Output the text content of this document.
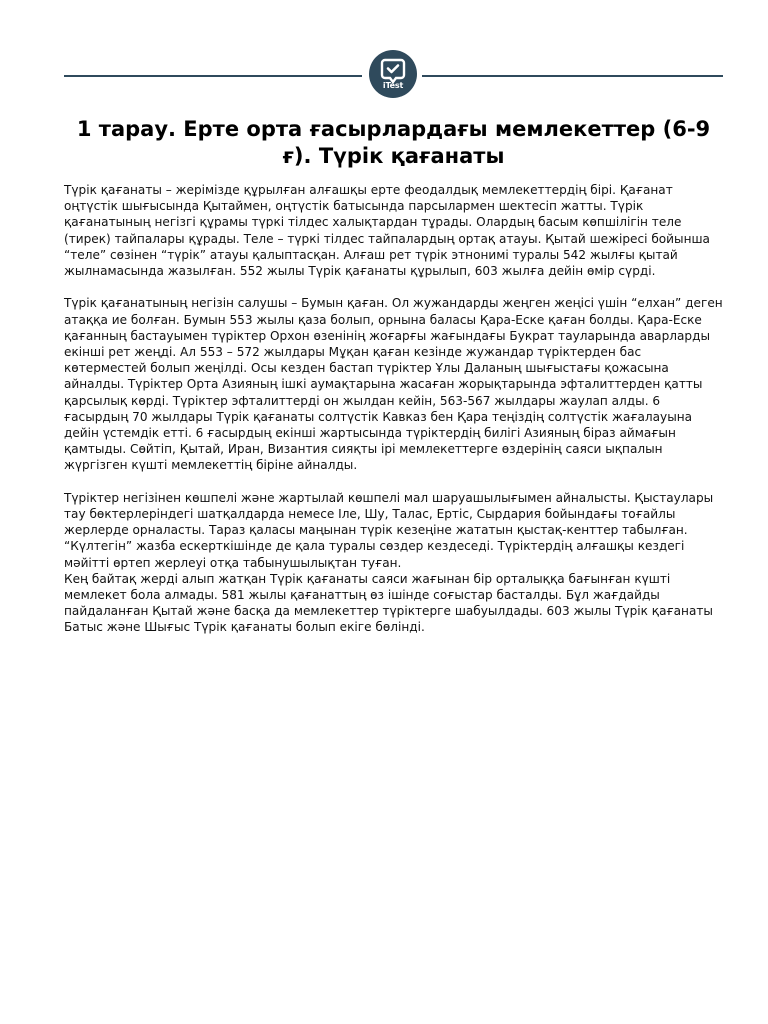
iTest
1 тарау. Ерте орта ғасырлардағы мемлекеттер (6-9 ғ). Түрік қағанаты

Түрік қағанаты – жерімізде құрылған алғашқы ерте феодалдық мемлекеттердің бірі. Қағанат оңтүстік шығысында Қытаймен, оңтүстік батысында парсылармен шектесіп жатты. Түрік қағанатының негізгі құрамы түркі тілдес халықтардан тұрады. Олардың басым көпшілігін теле (тирек) тайпалары құрады. Теле – түркі тілдес тайпалардың ортақ атауы. Қытай шежіресі бойынша “теле” сөзінен “түрік” атауы қалыптасқан. Алғаш рет түрік этнонимі туралы 542 жылғы қытай жылнамасында жазылған. 552 жылы Түрік қағанаты құрылып, 603 жылға дейін өмір сүрді.

Түрік қағанатының негізін салушы – Бумын қаған. Ол жужандарды жеңген жеңісі үшін “елхан” деген атаққа ие болған. Бумын 553 жылы қаза болып, орнына баласы Қара-Еске қаған болды. Қара-Еске қағанның бастауымен түріктер Орхон өзенінің жоғарғы жағындағы Букрат тауларында аварларды екінші рет жеңді. Ал 553 – 572 жылдары Мұқан қаған кезінде жужандар түріктерден бас көтерместей болып жеңілді. Осы кезден бастап түріктер Ұлы Даланың шығыстағы қожасына айналды. Түріктер Орта Азияның ішкі аумақтарына жасаған жорықтарында эфталиттерден қатты қарсылық көрді. Түріктер эфталиттерді он жылдан кейін, 563-567 жылдары жаулап алды. 6 ғасырдың 70 жылдары Түрік қағанаты солтүстік Кавказ бен Қара теңіздің солтүстік жағалауына дейін үстемдік етті. 6 ғасырдың екінші жартысында түріктердің билігі Азияның біраз аймағын қамтыды. Сөйтіп, Қытай, Иран, Византия сияқты ірі мемлекеттерге өздерінің саяси ықпалын жүргізген күшті мемлекеттің біріне айналды.

Түріктер негізінен көшпелі және жартылай көшпелі мал шаруашылығымен айналысты. Қыстаулары тау бөктерлеріндегі шатқалдарда немесе Іле, Шу, Талас, Ертіс, Сырдария бойындағы тоғайлы жерлерде орналасты. Тараз қаласы маңынан түрік кезеңіне жататын қыстақ-кенттер табылған. “Күлтегін” жазба ескерткішінде де қала туралы сөздер кездеседі. Түріктердің алғашқы кездегі мәйітті өртеп жерлеуі отқа табынушылықтан туған.

Кең байтақ жерді алып жатқан Түрік қағанаты саяси жағынан бір орталыққа бағынған күшті мемлекет бола алмады. 581 жылы қағанаттың өз ішінде соғыстар басталды. Бұл жағдайды пайдаланған Қытай және басқа да мемлекеттер түріктерге шабуылдады. 603 жылы Түрік қағанаты Батыс және Шығыс Түрік қағанаты болып екіге бөлінді.
